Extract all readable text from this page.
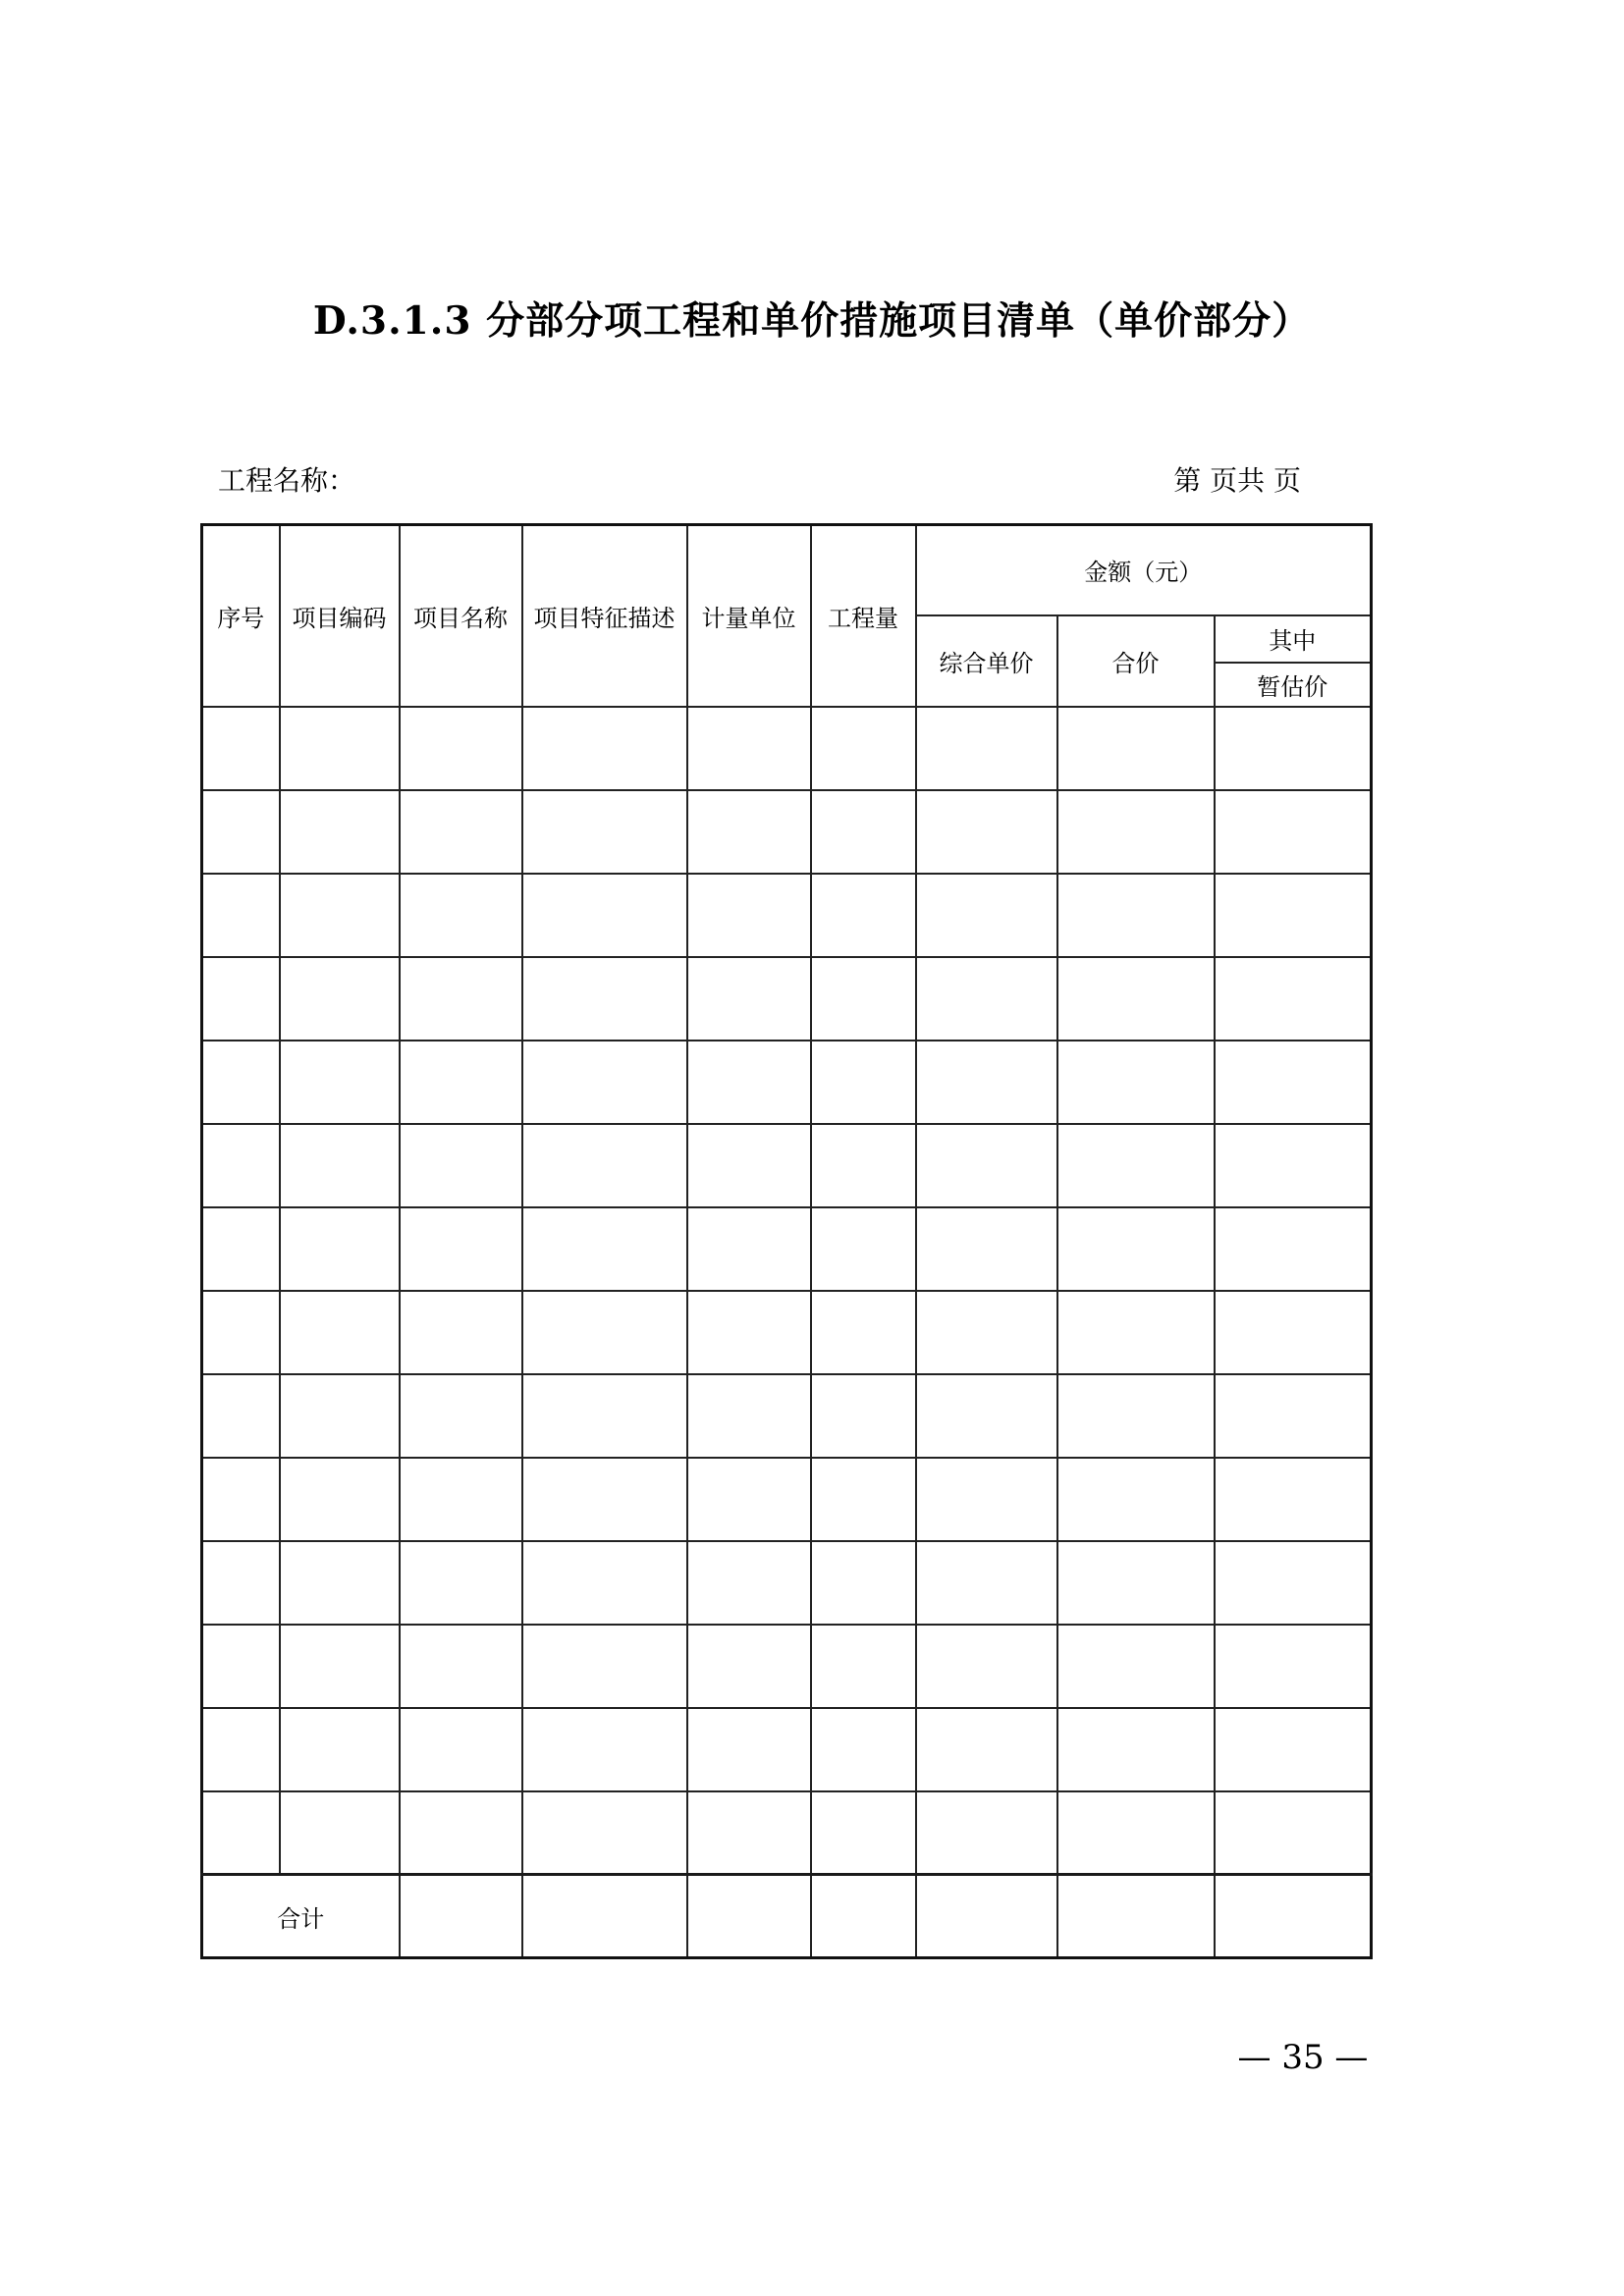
D.3.1.3 分部分项工程和单价措施项目清单（单价部分）
工程名称：	第 页共 页
序号	项目编码	项目名称	项目特征描述	计量单位	工程量	金额（元）		
						综合单价	合价	其中
								暂估价

合计								
— 35 —
